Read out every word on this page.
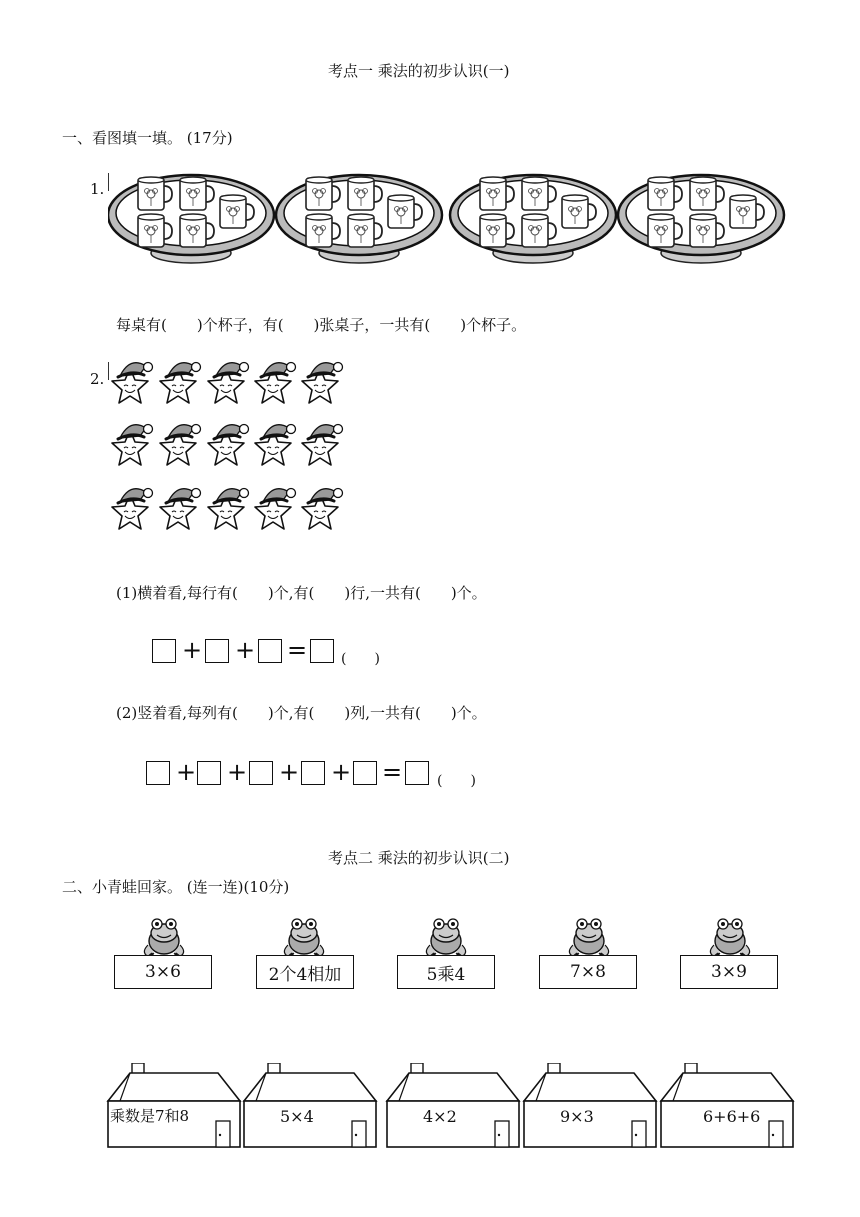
考点一 乘法的初步认识(一)
一、看图填一填。 (17分)
1.
每桌有(　　)个杯子，有(　　)张桌子，一共有(　　)个杯子。
2.
(1)横着看,每行有(　　)个,有(　　)行,一共有(　　)个。
+ + = (　　)
(2)竖着看,每列有(　　)个,有(　　)列,一共有(　　)个。
+ + + + = (　　)
考点二 乘法的初步认识(二)
二、小青蛙回家。 (连一连)(10分)
3×6	2个4相加	5乘4	7×8	3×9
乘数是7和8	5×4	4×2	9×3	6+6+6
